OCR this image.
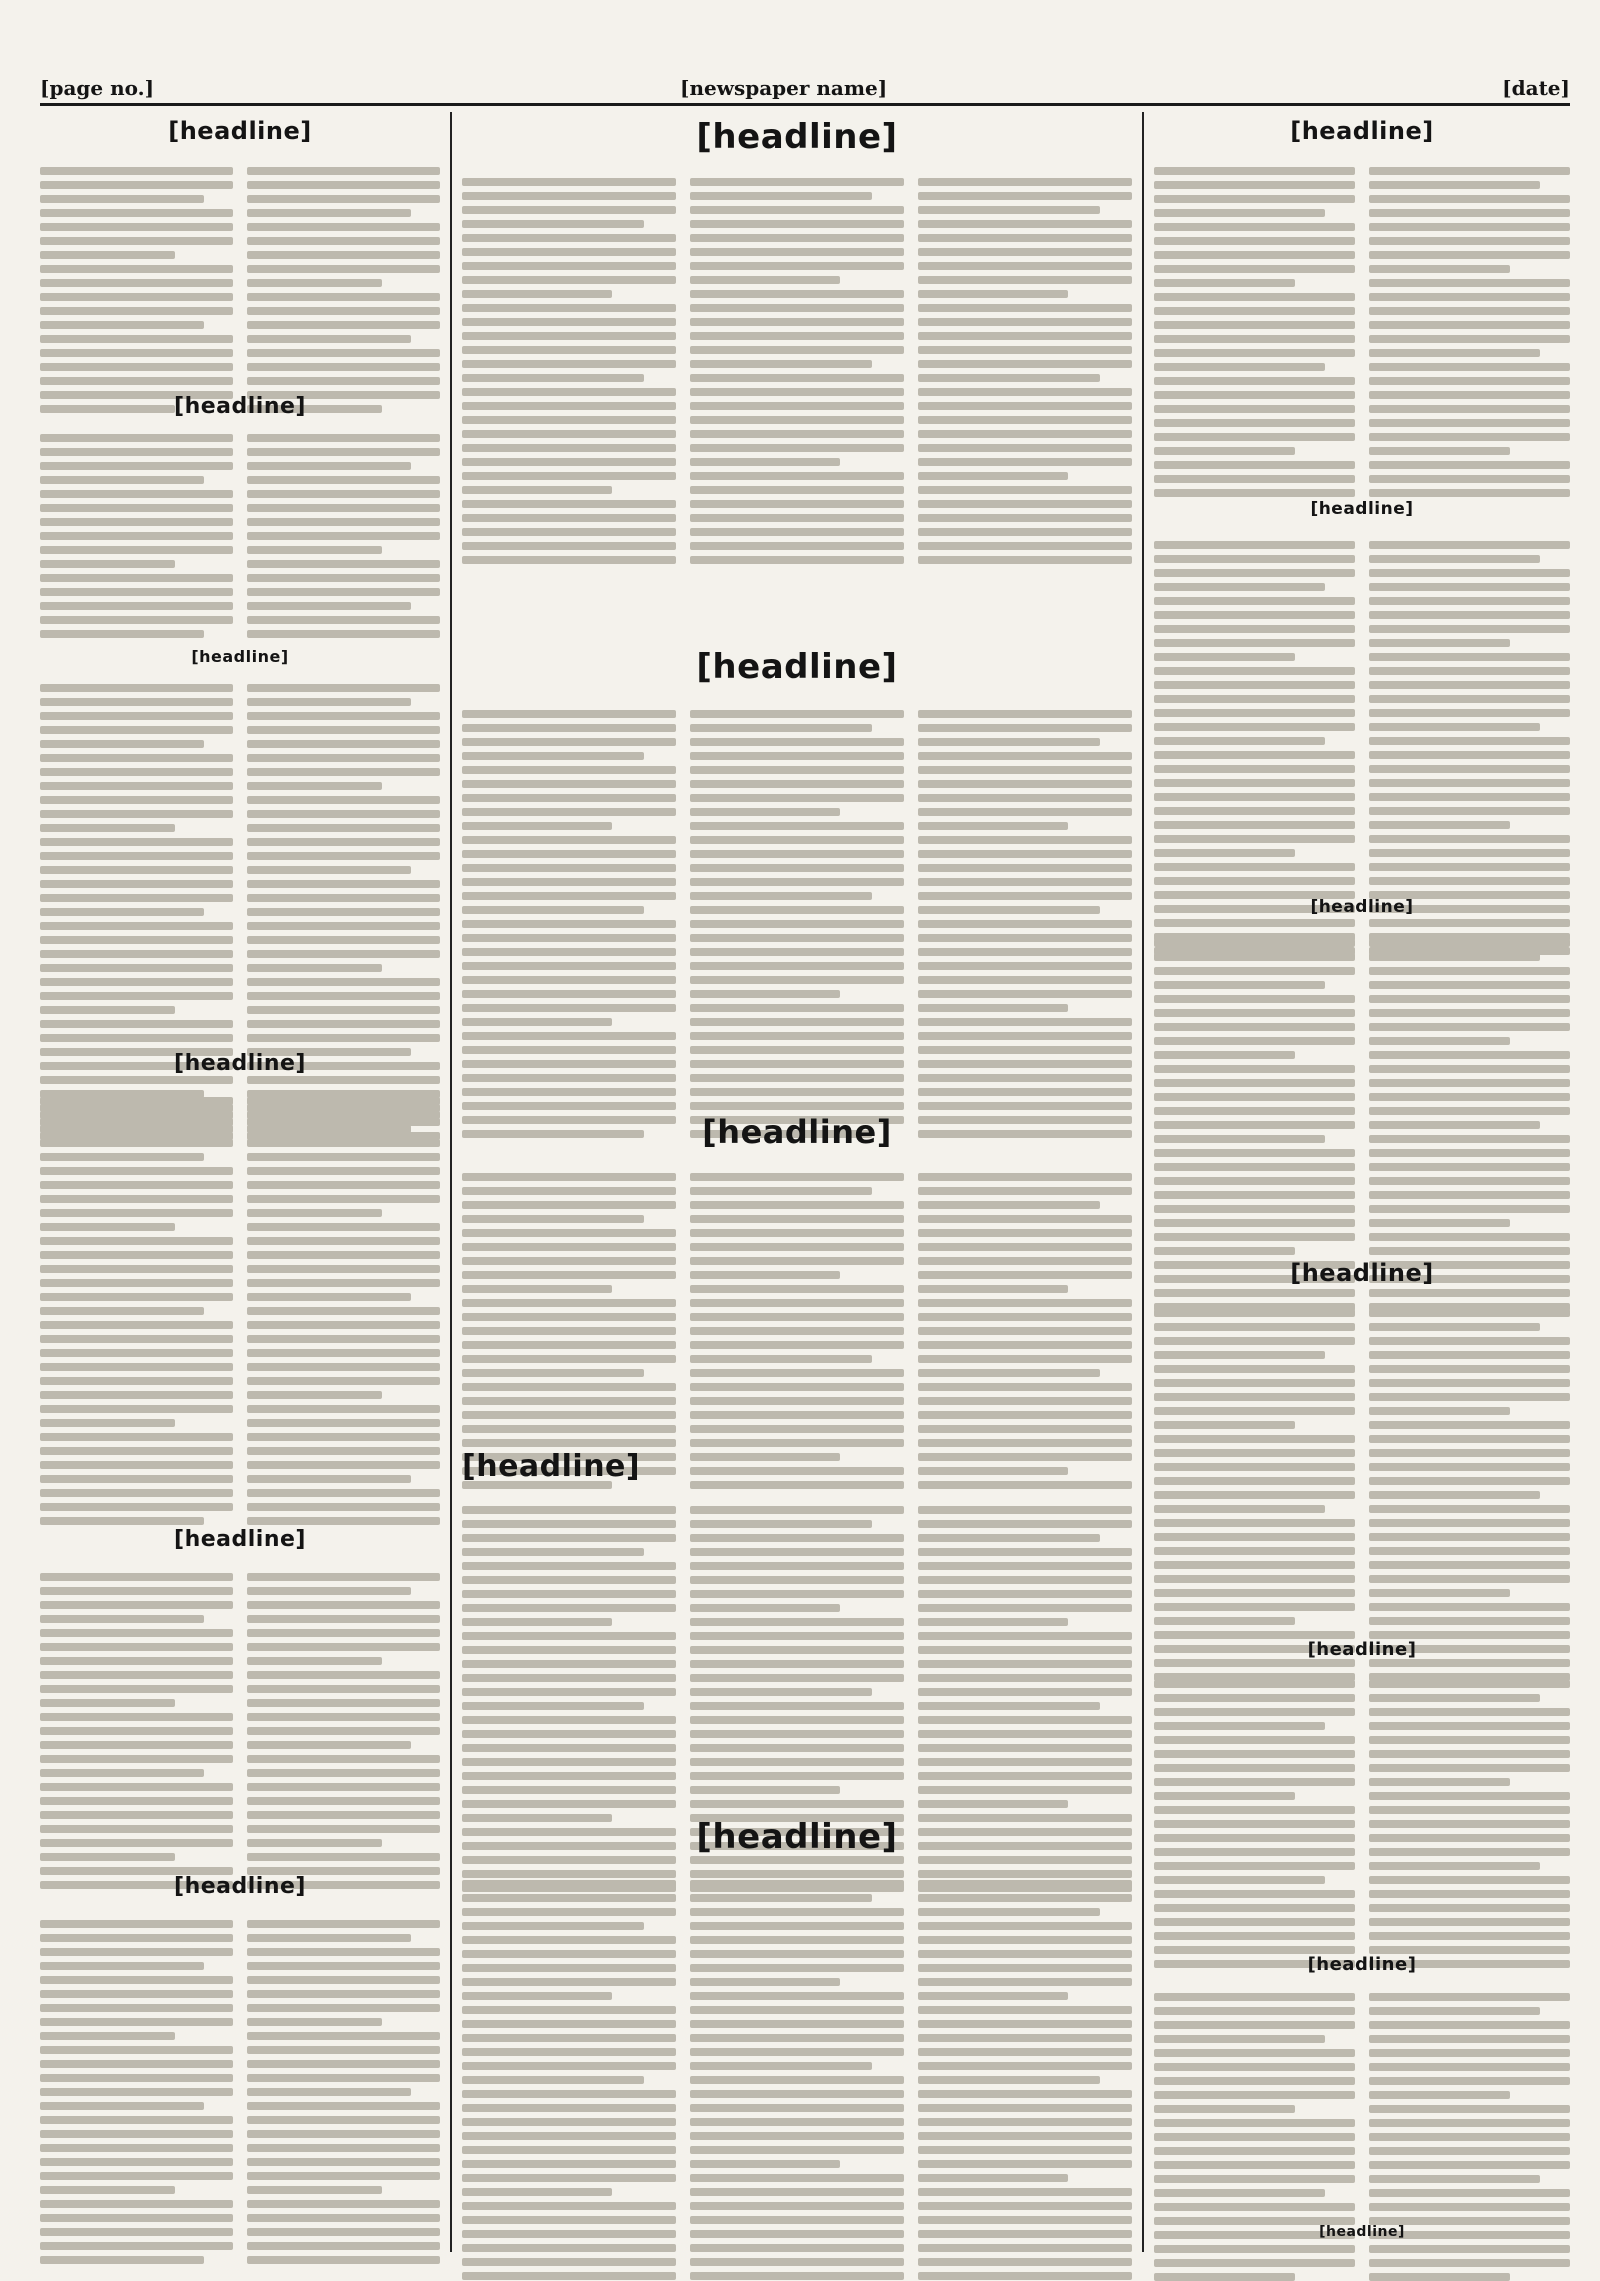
[page no.]	[newspaper name]	[date]
[headline]
[headline]
[headline]
[headline]
[headline]
[headline]
[headline]
[headline]
[headline]
[headline]
[headline]
[headline]
[headline]
[headline]
[headline]
[headline]
[headline]
[headline]
